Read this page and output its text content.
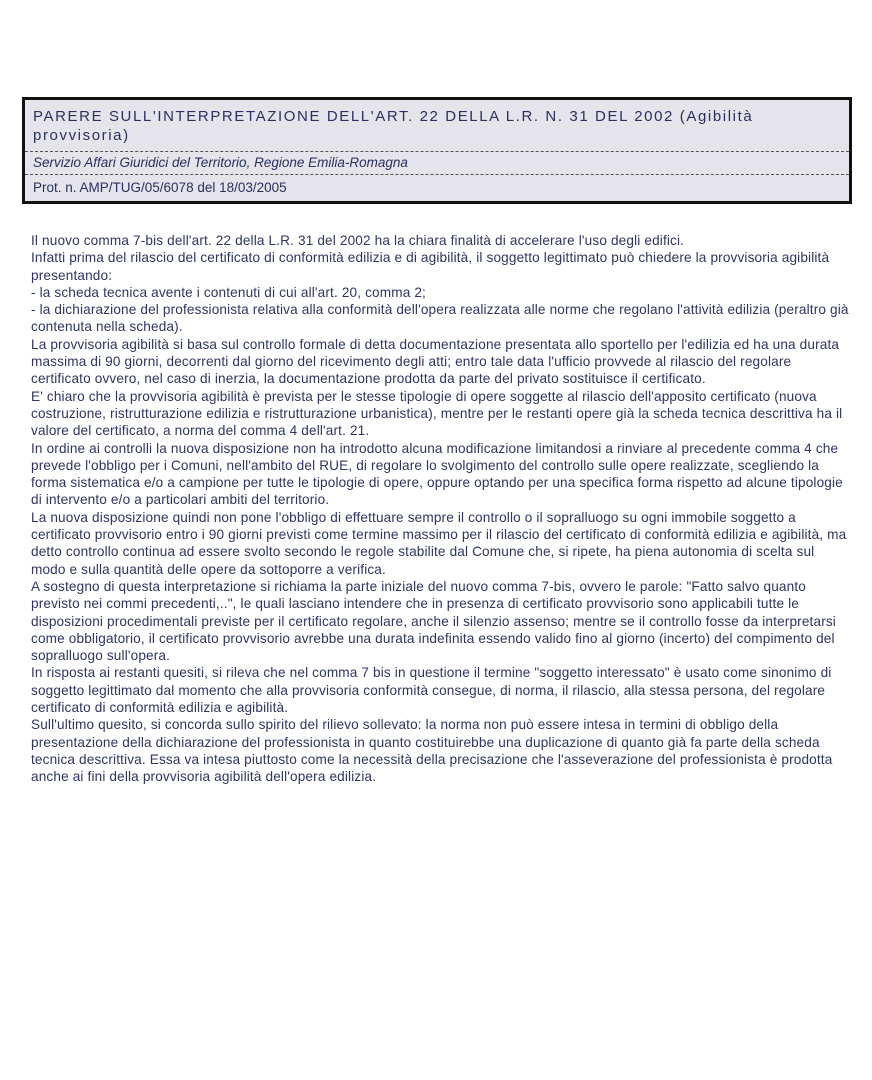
PARERE SULL'INTERPRETAZIONE DELL'ART. 22 DELLA L.R. N. 31 DEL 2002 (Agibilità provvisoria)
Servizio Affari Giuridici del Territorio, Regione Emilia-Romagna
Prot. n. AMP/TUG/05/6078 del 18/03/2005

Il nuovo comma 7-bis dell'art. 22 della L.R. 31 del 2002 ha la chiara finalità di accelerare l'uso degli edifici.

Infatti prima del rilascio del certificato di conformità edilizia e di agibilità, il soggetto legittimato può chiedere la provvisoria agibilità presentando:

- la scheda tecnica avente i contenuti di cui all'art. 20, comma 2;

- la dichiarazione del professionista relativa alla conformità dell'opera realizzata alle norme che regolano l'attività edilizia (peraltro già contenuta nella scheda).

La provvisoria agibilità si basa sul controllo formale di detta documentazione presentata allo sportello per l'edilizia ed ha una durata massima di 90 giorni, decorrenti dal giorno del ricevimento degli atti; entro tale data l'ufficio provvede al rilascio del regolare certificato ovvero, nel caso di inerzia, la documentazione prodotta da parte del privato sostituisce il certificato.

E' chiaro che la provvisoria agibilità è prevista per le stesse tipologie di opere soggette al rilascio dell'apposito certificato (nuova costruzione, ristrutturazione edilizia e ristrutturazione urbanistica), mentre per le restanti opere già la scheda tecnica descrittiva ha il valore del certificato, a norma del comma 4 dell'art. 21.

In ordine ai controlli la nuova disposizione non ha introdotto alcuna modificazione limitandosi a rinviare al precedente comma 4 che prevede l'obbligo per i Comuni, nell'ambito del RUE, di regolare lo svolgimento del controllo sulle opere realizzate, scegliendo la forma sistematica e/o a campione per tutte le tipologie di opere, oppure optando per una specifica forma rispetto ad alcune tipologie di intervento e/o a particolari ambiti del territorio.

La nuova disposizione quindi non pone l'obbligo di effettuare sempre il controllo o il sopralluogo su ogni immobile soggetto a certificato provvisorio entro i 90 giorni previsti come termine massimo per il rilascio del certificato di conformità edilizia e agibilità, ma detto controllo continua ad essere svolto secondo le regole stabilite dal Comune che, si ripete, ha piena autonomia di scelta sul modo e sulla quantità delle opere da sottoporre a verifica.

A sostegno di questa interpretazione si richiama la parte iniziale del nuovo comma 7-bis, ovvero le parole: "Fatto salvo quanto previsto nei commi precedenti,..", le quali lasciano intendere che in presenza di certificato provvisorio sono applicabili tutte le disposizioni procedimentali previste per il certificato regolare, anche il silenzio assenso; mentre se il controllo fosse da interpretarsi come obbligatorio, il certificato provvisorio avrebbe una durata indefinita essendo valido fino al giorno (incerto) del compimento del sopralluogo sull'opera.

In risposta ai restanti quesiti, si rileva che nel comma 7 bis in questione il termine "soggetto interessato" è usato come sinonimo di soggetto legittimato dal momento che alla provvisoria conformità consegue, di norma, il rilascio, alla stessa persona, del regolare certificato di conformità edilizia e agibilità.

Sull'ultimo quesito, si concorda sullo spirito del rilievo sollevato: la norma non può essere intesa in termini di obbligo della presentazione della dichiarazione del professionista in quanto costituirebbe una duplicazione di quanto già fa parte della scheda tecnica descrittiva. Essa va intesa piuttosto come la necessità della precisazione che l'asseverazione del professionista è prodotta anche ai fini della provvisoria agibilità dell'opera edilizia.
